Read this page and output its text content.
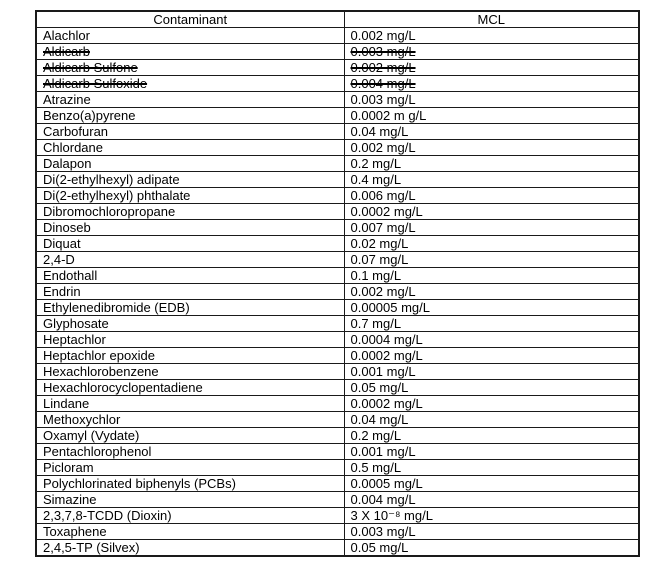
Contaminant	MCL
Alachlor	0.002 mg/L
Aldicarb	0.003 mg/L
Aldicarb Sulfone	0.002 mg/L
Aldicarb Sulfoxide	0.004 mg/L
Atrazine	0.003 mg/L
Benzo(a)pyrene	0.0002 m g/L
Carbofuran	0.04 mg/L
Chlordane	0.002 mg/L
Dalapon	0.2 mg/L
Di(2-ethylhexyl) adipate	0.4 mg/L
Di(2-ethylhexyl) phthalate	0.006 mg/L
Dibromochloropropane	0.0002 mg/L
Dinoseb	0.007 mg/L
Diquat	0.02 mg/L
2,4-D	0.07 mg/L
Endothall	0.1 mg/L
Endrin	0.002 mg/L
Ethylenedibromide (EDB)	0.00005 mg/L
Glyphosate	0.7 mg/L
Heptachlor	0.0004 mg/L
Heptachlor epoxide	0.0002 mg/L
Hexachlorobenzene	0.001 mg/L
Hexachlorocyclopentadiene	0.05 mg/L
Lindane	0.0002 mg/L
Methoxychlor	0.04 mg/L
Oxamyl (Vydate)	0.2 mg/L
Pentachlorophenol	0.001 mg/L
Picloram	0.5 mg/L
Polychlorinated biphenyls (PCBs)	0.0005 mg/L
Simazine	0.004 mg/L
2,3,7,8-TCDD (Dioxin)	3 X 10⁻⁸ mg/L
Toxaphene	0.003 mg/L
2,4,5-TP (Silvex)	0.05 mg/L
